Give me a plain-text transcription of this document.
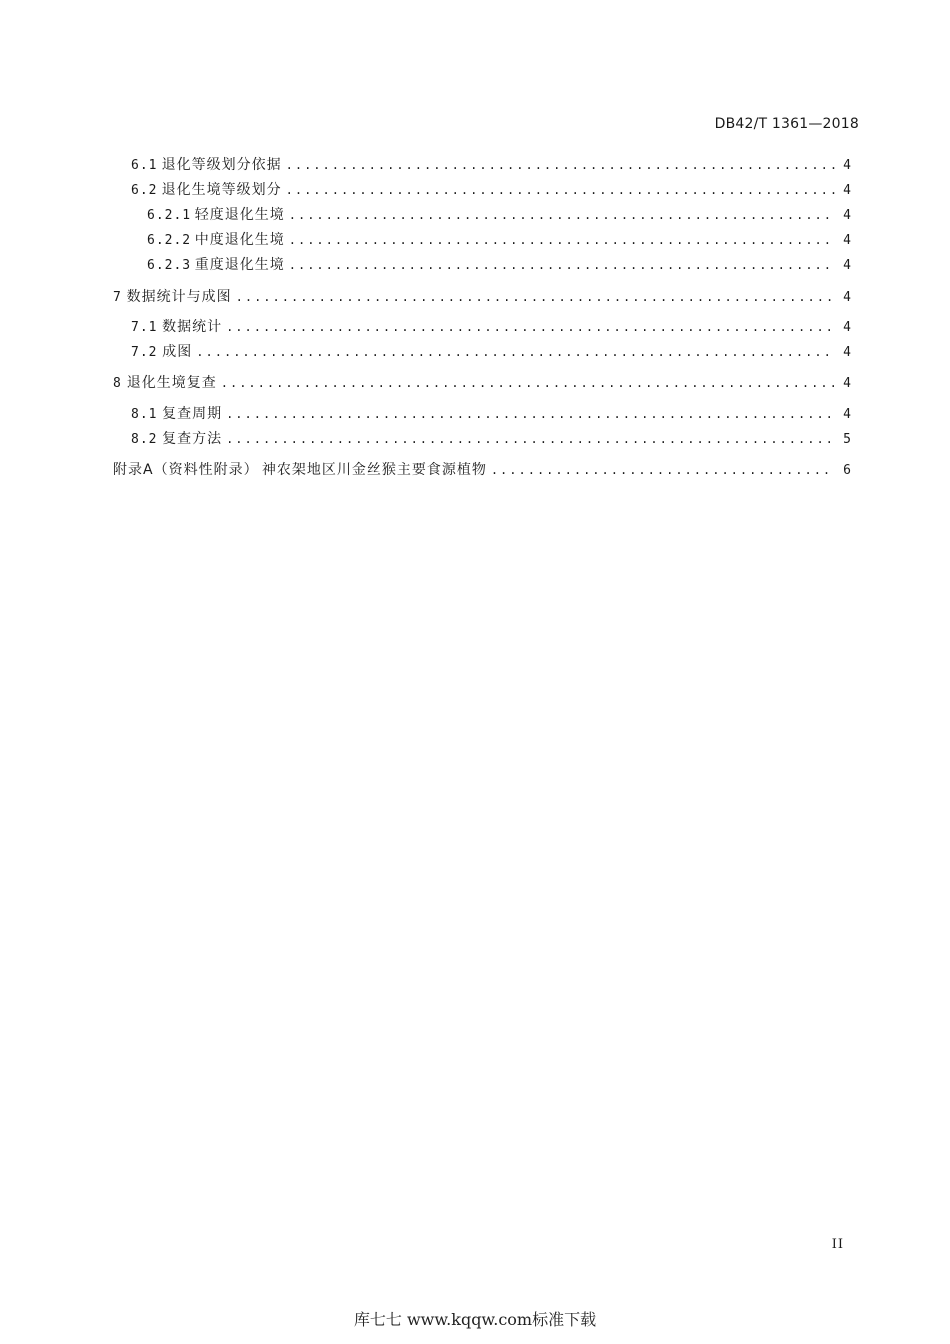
DB42/T 1361—2018
6.1 退化等级划分依据 .....	4
6.2 退化生境等级划分 .....	4
6.2.1 轻度退化生境 .....	4
6.2.2 中度退化生境 .....	4
6.2.3 重度退化生境 .....	4
7 数据统计与成图 .....	4
7.1 数据统计 .....	4
7.2 成图 .....	4
8 退化生境复查 .....	4
8.1 复查周期 .....	4
8.2 复查方法 .....	5
附录A（资料性附录） 神农架地区川金丝猴主要食源植物 .....	6
II
库七七 www.kqqw.com标准下载
